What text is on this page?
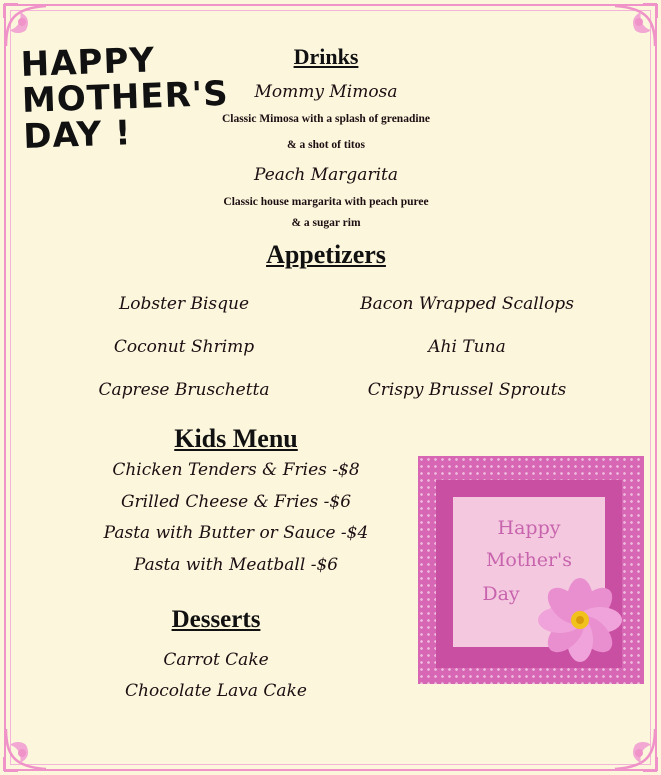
HAPPY
MOTHER'S
DAY !
Drinks

Mommy Mimosa

Classic Mimosa with a splash of grenadine

& a shot of titos

Peach Margarita

Classic house margarita with peach puree

& a sugar rim

Appetizers

Lobster Bisque

Coconut Shrimp

Caprese Bruschetta

Bacon Wrapped Scallops

Ahi Tuna

Crispy Brussel Sprouts

Kids Menu

Chicken Tenders & Fries -$8

Grilled Cheese & Fries -$6

Pasta with Butter or Sauce -$4

Pasta with Meatball -$6

Desserts

Carrot Cake

Chocolate Lava Cake

Happy

Mother's

Day
